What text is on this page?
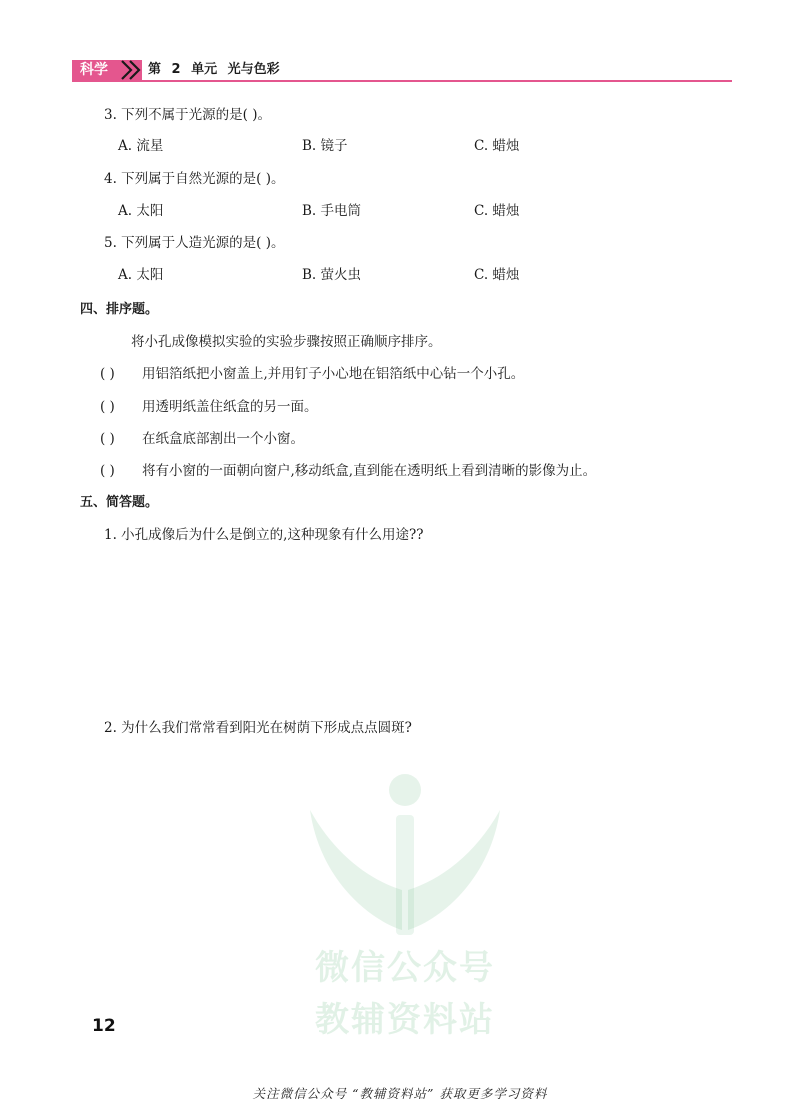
科学	第 2 单元 光与色彩
3. 下列不属于光源的是( )。
A. 流星	B. 镜子	C. 蜡烛
4. 下列属于自然光源的是( )。
A. 太阳	B. 手电筒	C. 蜡烛
5. 下列属于人造光源的是( )。
A. 太阳	B. 萤火虫	C. 蜡烛
四、排序题。
将小孔成像模拟实验的实验步骤按照正确顺序排序。
( ) 用铝箔纸把小窗盖上,并用钉子小心地在铝箔纸中心钻一个小孔。
( ) 用透明纸盖住纸盒的另一面。
( ) 在纸盒底部割出一个小窗。
( ) 将有小窗的一面朝向窗户,移动纸盒,直到能在透明纸上看到清晰的影像为止。
五、简答题。
1. 小孔成像后为什么是倒立的,这种现象有什么用途??
2. 为什么我们常常看到阳光在树荫下形成点点圆斑?
微信公众号
教辅资料站
12
关注微信公众号 “教辅资料站” 获取更多学习资料
